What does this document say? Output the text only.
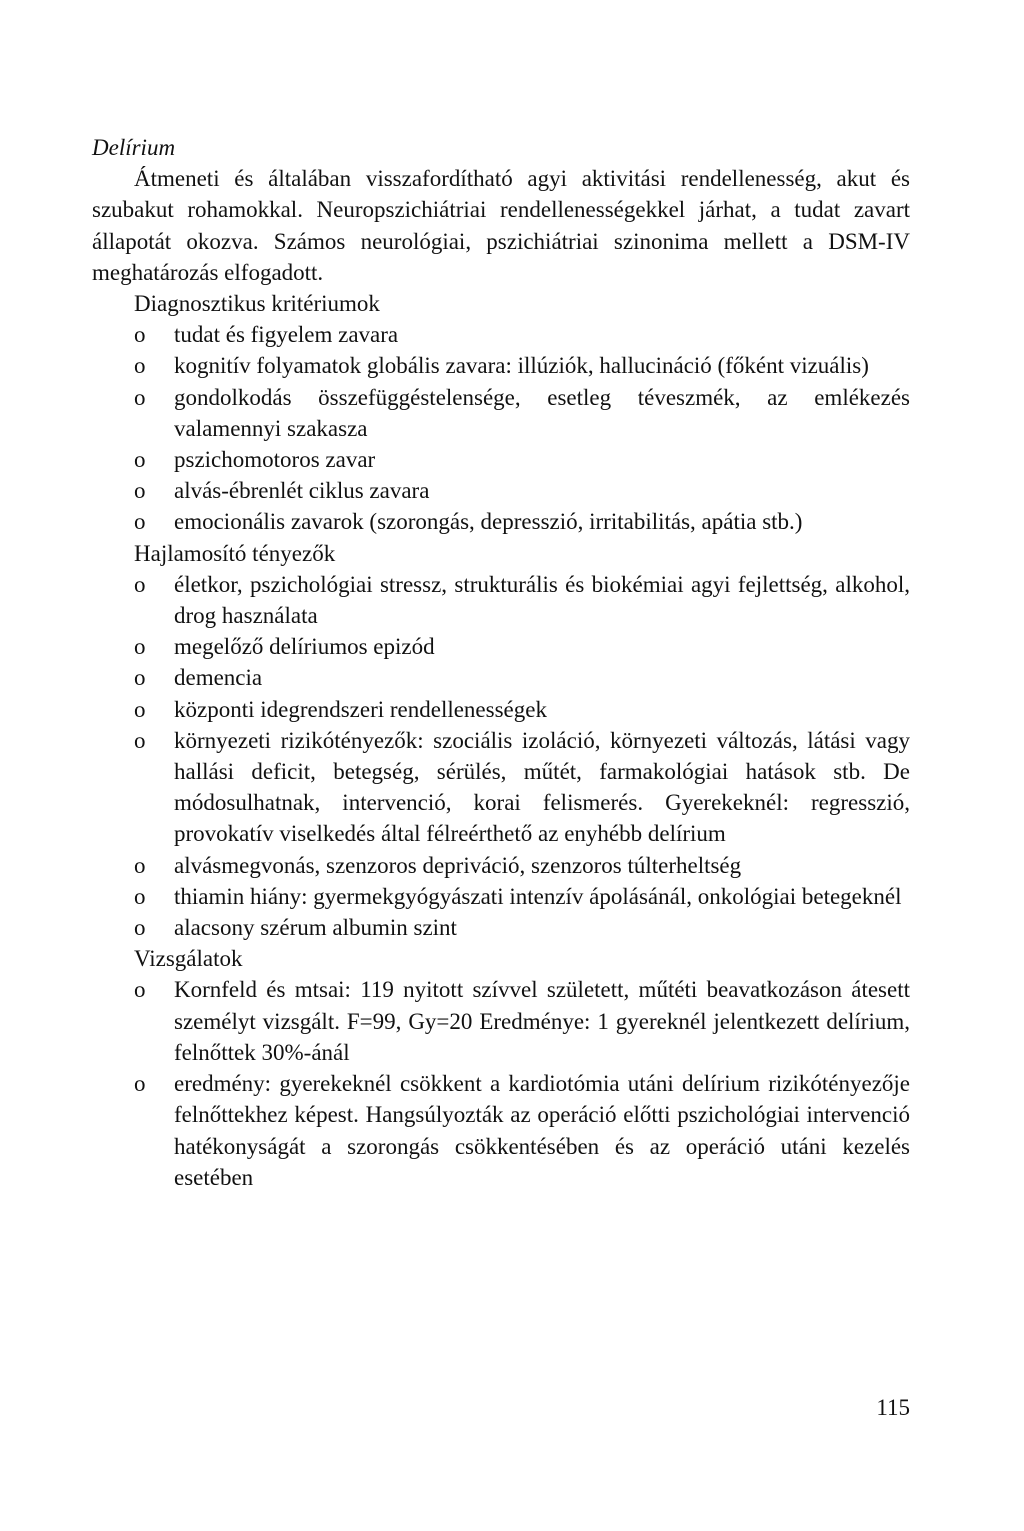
Delírium

Átmeneti és általában visszafordítható agyi aktivitási rendellenesség, akut és szubakut rohamokkal. Neuropszichiátriai rendellenességekkel járhat, a tudat zavart állapotát okozva. Számos neurológiai, pszichiátriai szinonima mellett a DSM-IV meghatározás elfogadott.

Diagnosztikus kritériumok
o	tudat és figyelem zavara
o	kognitív folyamatok globális zavara: illúziók, hallucináció (főként vizuális)
o	gondolkodás összefüggéstelensége, esetleg téveszmék, az emlékezés valamennyi szakasza
o	pszichomotoros zavar
o	alvás-ébrenlét ciklus zavara
o	emocionális zavarok (szorongás, depresszió, irritabilitás, apátia stb.)
Hajlamosító tényezők
o	életkor, pszichológiai stressz, strukturális és biokémiai agyi fejlettség, alkohol, drog használata
o	megelőző delíriumos epizód
o	demencia
o	központi idegrendszeri rendellenességek
o	környezeti rizikótényezők: szociális izoláció, környezeti változás, látási vagy hallási deficit, betegség, sérülés, műtét, farmakológiai hatások stb. De módosulhatnak, intervenció, korai felismerés. Gyerekeknél: regresszió, provokatív viselkedés által félreérthető az enyhébb delírium
o	alvásmegvonás, szenzoros depriváció, szenzoros túlterheltség
o	thiamin hiány: gyermekgyógyászati intenzív ápolásánál, onkológiai betegeknél
o	alacsony szérum albumin szint
Vizsgálatok
o	Kornfeld és mtsai: 119 nyitott szívvel született, műtéti beavatkozáson átesett személyt vizsgált. F=99, Gy=20 Eredménye: 1 gyereknél jelentkezett delírium, felnőttek 30%-ánál
o	eredmény: gyerekeknél csökkent a kardiotómia utáni delírium rizikótényezője felnőttekhez képest. Hangsúlyozták az operáció előtti pszichológiai intervenció hatékonyságát a szorongás csökkentésében és az operáció utáni kezelés esetében
115
